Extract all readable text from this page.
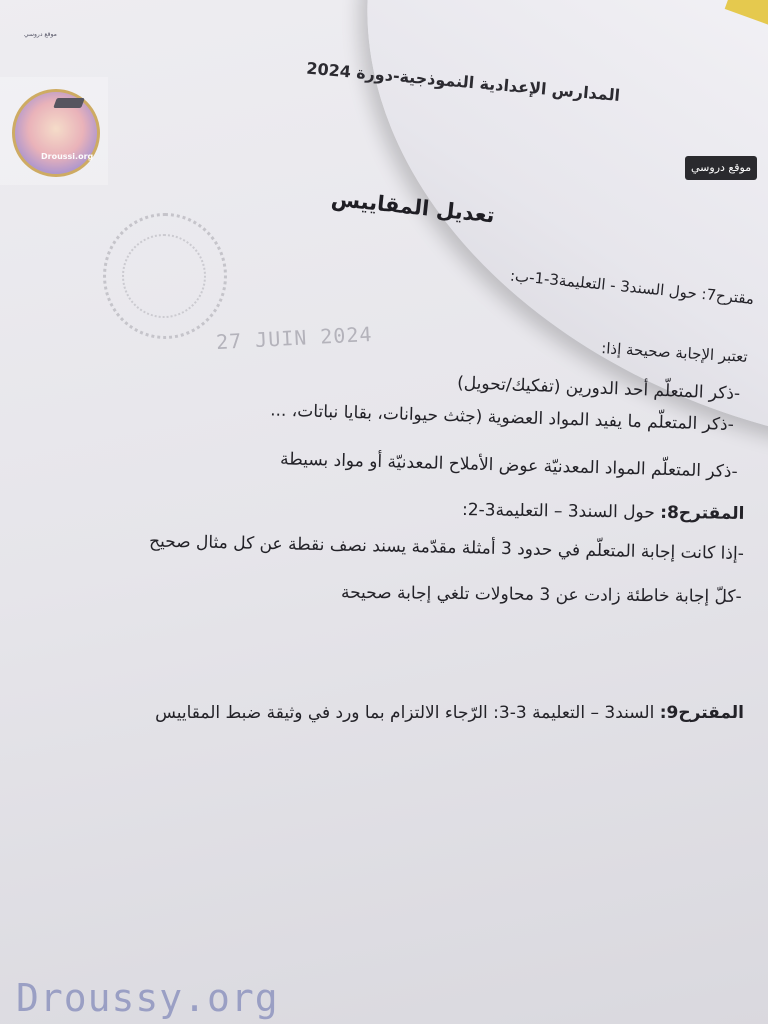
موقع دروسي
Droussi.org
موقع دروسي
المدارس الإعدادية النموذجية-دورة 2024
تعديل المقاييس
27 JUIN 2024
مقترح7: حول السند3 - التعليمة3-1-ب:
تعتبر الإجابة صحيحة إذا:
-ذكر المتعلّم أحد الدورين (تفكيك/تحويل)
-ذكر المتعلّم ما يفيد المواد العضوية (جثث حيوانات، بقايا نباتات، ...
-ذكر المتعلّم المواد المعدنيّة عوض الأملاح المعدنيّة أو مواد بسيطة
المقترح8: حول السند3 – التعليمة3-2:
-إذا كانت إجابة المتعلّم في حدود 3 أمثلة مقدّمة يسند نصف نقطة عن كل مثال صحيح
-كلّ إجابة خاطئة زادت عن 3 محاولات تلغي إجابة صحيحة
المقترح9: السند3 – التعليمة 3-3: الرّجاء الالتزام بما ورد في وثيقة ضبط المقاييس
Droussy.org
